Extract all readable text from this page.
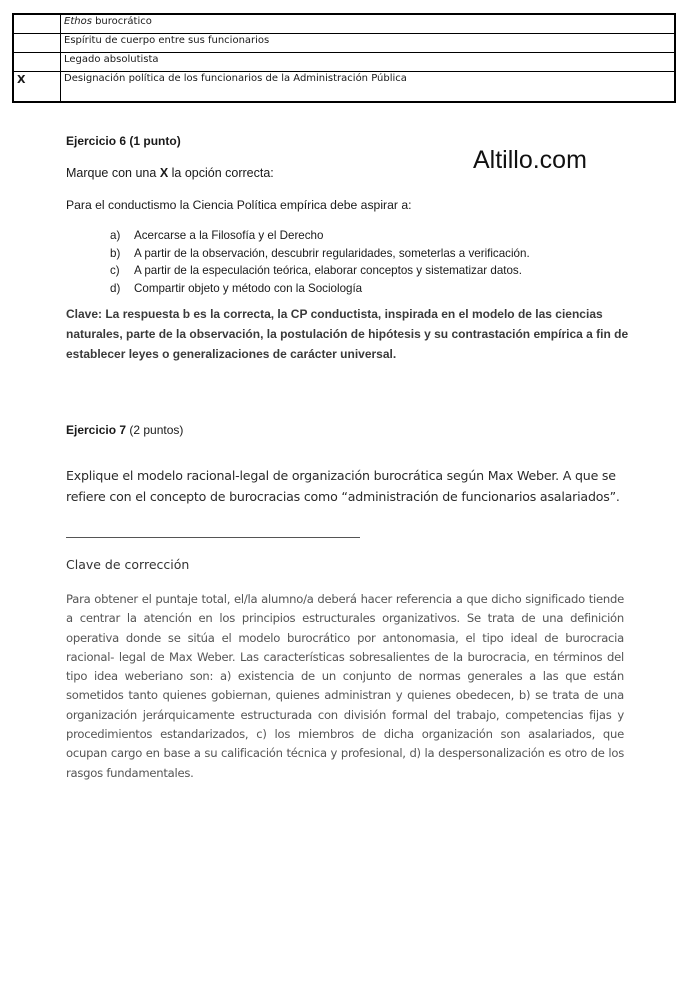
	Ethos burocrático
	Espíritu de cuerpo entre sus funcionarios
	Legado absolutista
X	Designación política de los funcionarios de la Administración Pública
Altillo.com
Ejercicio 6 (1 punto)
Marque con una X la opción correcta:
Para el conductismo la Ciencia Política empírica debe aspirar a:
a) Acercarse a la Filosofía y el Derecho
b) A partir de la observación, descubrir regularidades, someterlas a verificación.
c) A partir de la especulación teórica, elaborar conceptos y sistematizar datos.
d) Compartir objeto y método con la Sociología
Clave: La respuesta b es la correcta, la CP conductista, inspirada en el modelo de las ciencias naturales, parte de la observación, la postulación de hipótesis y su contrastación empírica a fin de establecer leyes o generalizaciones de carácter universal.
Ejercicio 7 (2 puntos)
Explique el modelo racional-legal de organización burocrática según Max Weber. A que se refiere con el concepto de burocracias como “administración de funcionarios asalariados”.
Clave de corrección
Para obtener el puntaje total, el/la alumno/a deberá hacer referencia a que dicho significado tiende a centrar la atención en los principios estructurales organizativos. Se trata de una definición operativa donde se sitúa el modelo burocrático por antonomasia, el tipo ideal de burocracia racional- legal de Max Weber. Las características sobresalientes de la burocracia, en términos del tipo idea weberiano son: a) existencia de un conjunto de normas generales a las que están sometidos tanto quienes gobiernan, quienes administran y quienes obedecen, b) se trata de una organización jerárquicamente estructurada con división formal del trabajo, competencias fijas y procedimientos estandarizados, c) los miembros de dicha organización son asalariados, que ocupan cargo en base a su calificación técnica y profesional, d) la despersonalización es otro de los rasgos fundamentales.
